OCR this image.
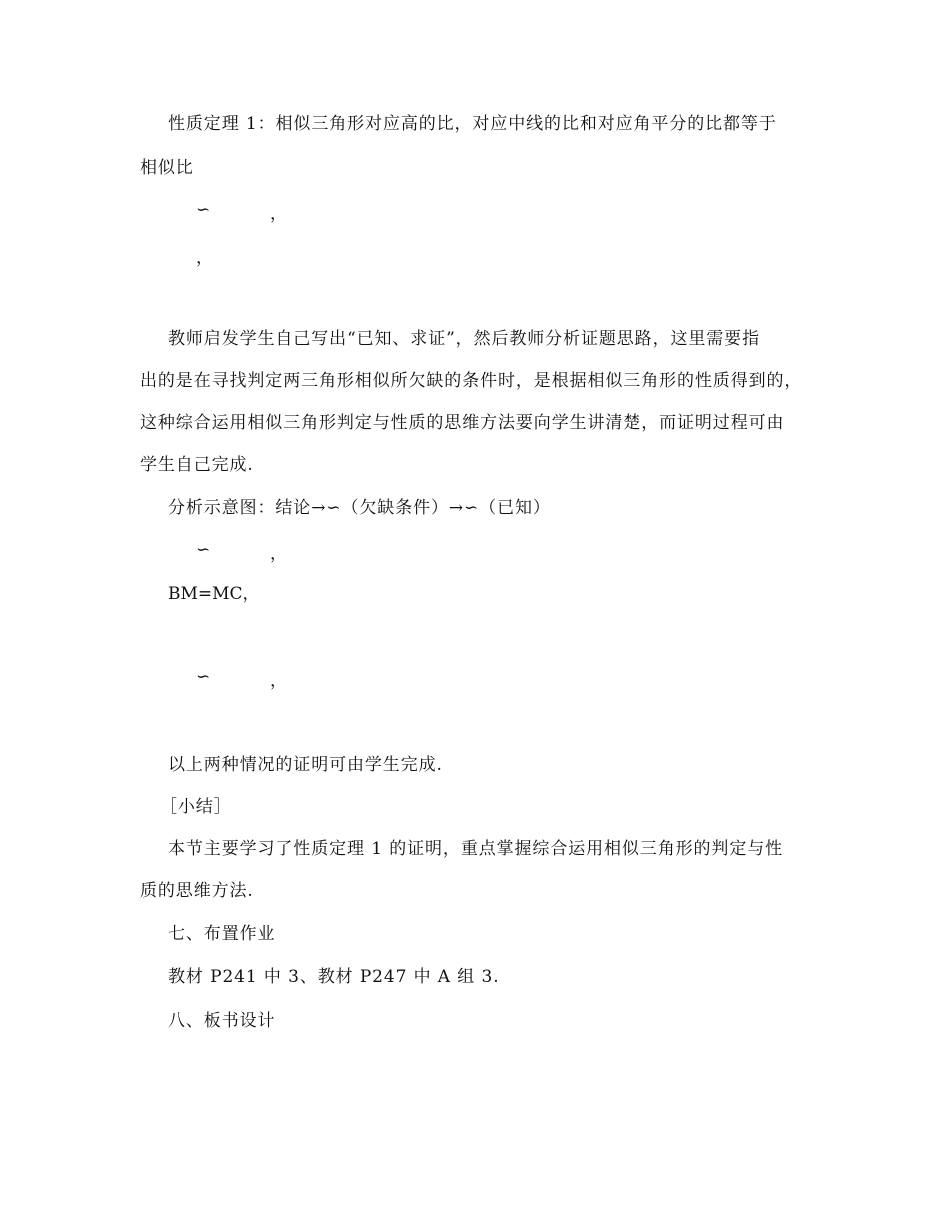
性质定理 1：相似三角形对应高的比，对应中线的比和对应角平分的比都等于
相似比
∽	，
，
教师启发学生自己写出“已知、求证”，然后教师分析证题思路，这里需要指
出的是在寻找判定两三角形相似所欠缺的条件时，是根据相似三角形的性质得到的，
这种综合运用相似三角形判定与性质的思维方法要向学生讲清楚，而证明过程可由
学生自己完成.
分析示意图：结论→∽（欠缺条件）→∽（已知）
∽	，
BM=MC，
∽	，
以上两种情况的证明可由学生完成.
［小结］
本节主要学习了性质定理 1 的证明，重点掌握综合运用相似三角形的判定与性
质的思维方法.
七、布置作业
教材 P241 中 3、教材 P247 中 A 组 3.
八、板书设计
